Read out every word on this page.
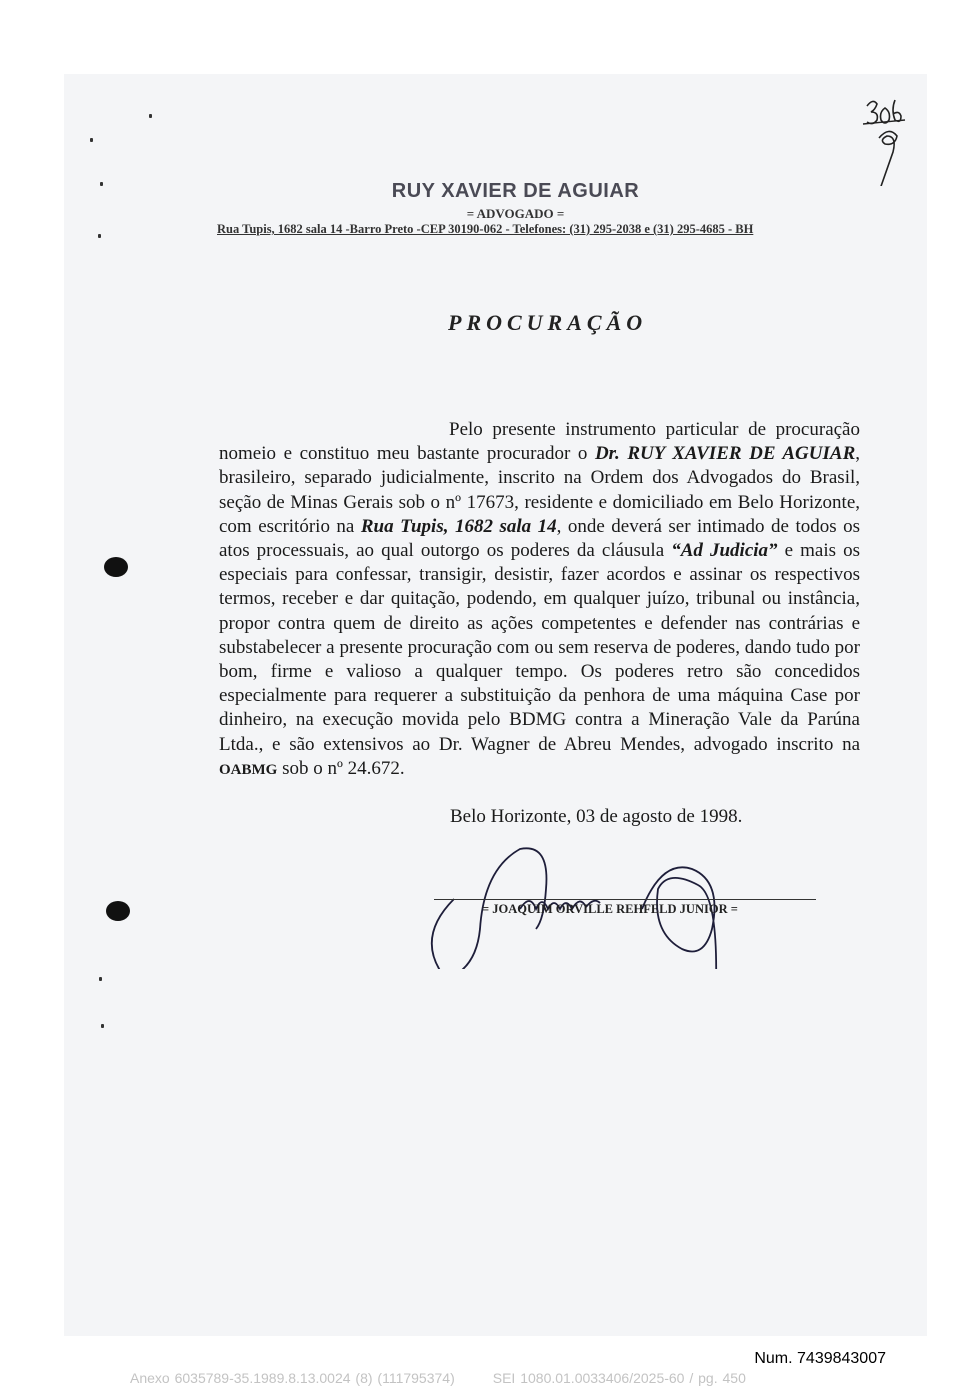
RUY XAVIER DE AGUIAR
= ADVOGADO =
Rua Tupis, 1682 sala 14 -Barro Preto -CEP 30190-062 - Telefones: (31) 295-2038 e (31) 295-4685 - BH
PROCURAÇÃO
Pelo presente instrumento particular de procuração nomeio e constituo meu bastante procurador o Dr. RUY XAVIER DE AGUIAR, brasileiro, separado judicialmente, inscrito na Ordem dos Advogados do Brasil, seção de Minas Gerais sob o nº 17673, residente e domiciliado em Belo Horizonte, com escritório na Rua Tupis, 1682 sala 14, onde deverá ser intimado de todos os atos processuais, ao qual outorgo os poderes da cláusula “Ad Judicia” e mais os especiais para confessar, transigir, desistir, fazer acordos e assinar os respectivos termos, receber e dar quitação, podendo, em qualquer juízo, tribunal ou instância, propor contra quem de direito as ações competentes e defender nas contrárias e substabelecer a presente procuração com ou sem reserva de poderes, dando tudo por bom, firme e valioso a qualquer tempo. Os poderes retro são concedidos especialmente para requerer a substituição da penhora de uma máquina Case por dinheiro, na execução movida pelo BDMG contra a Mineração Vale da Parúna Ltda., e são extensivos ao Dr. Wagner de Abreu Mendes, advogado inscrito na OABMG sob o nº 24.672.
Belo Horizonte, 03 de agosto de 1998.
= JOAQUIM ORVILLE REHFELD JUNIOR =
Num. 7439843007
Anexo 6035789-35.1989.8.13.0024 (8) (111795374)	SEI 1080.01.0033406/2025-60 / pg. 450
